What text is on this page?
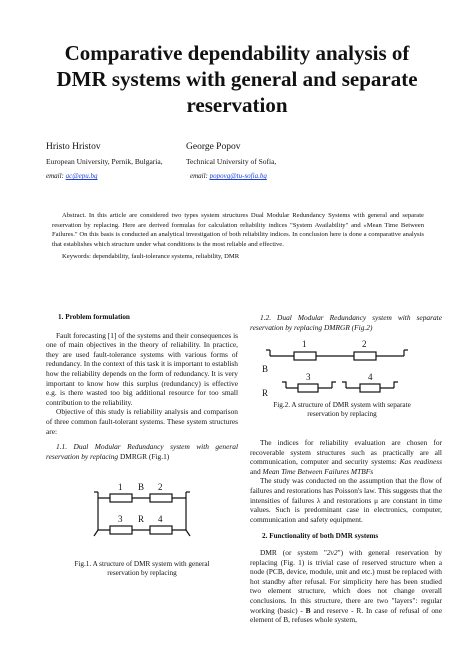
Comparative dependability analysis of DMR systems with general and separate reservation
Hristo Hristov
European University, Pernik, Bulgaria,
email: ac@epu.bg
George Popov
Technical University of Sofia,
email: popovg@tu-sofia.bg
Abstract. In this article are considered two types system structures Dual Modular Redundancy Systems with general and separate reservation by replacing. Here are derived formulas for calculation reliability indices "System Availability" and «Mean Time Between Failures." On this basis is conducted an analytical investigation of both reliability indices. In conclusion here is done a comparative analysis that establishes which structure under what conditions is the most reliable and effective.
Keywords: dependability, fault-tolerance systems, reliability, DMR
1. Problem formulation

Fault forecasting [1] of the systems and their consequences is one of main objectives in the theory of reliability. In practice, they are used fault-tolerance systems with various forms of redundancy. In the context of this task it is important to establish how the reliability depends on the form of redundancy. It is very important to know how this surplus (redundancy) is effective e.g. is there wasted too big additional resource for too small contribution to the reliability.

Objective of this study is reliability analysis and comparison of three common fault-tolerant systems. These system structures are:

1.1. Dual Modular Redundancy system with general reservation by replacing DMRGR (Fig.1)
1 B 2
3 R 4
Fig.1. A structure of DMR system with general reservation by replacing
1.2. Dual Modular Redundancy system with separate reservation by replacing DMRGR (Fig.2)
1	2
B
3	4
R
Fig.2. A structure of DMR system with separate reservation by replacing

The indices for reliability evaluation are chosen for recoverable system structures such as practically are all communication, computer and security systems: Kas readiness and Mean Time Between Failures MTBFs

The study was conducted on the assumption that the flow of failures and restorations has Poisson's law. This suggests that the intensities of failures λ and restorations μ are constant in time values. Such is predominant case in electronics, computer, communication and safety equipment.

2. Functionality of both DMR systems

DMR (or system "2v2") with general reservation by replacing (Fig. 1) is trivial case of reserved structure when a node (PCB, device, module, unit and etc.) must be replaced with hot standby after refusal. For simplicity here has been studied two element structure, which does not change overall conclusions. In this structure, there are two "layers": regular working (basic) - B and reserve - R. In case of refusal of one element of B, refuses whole system,
